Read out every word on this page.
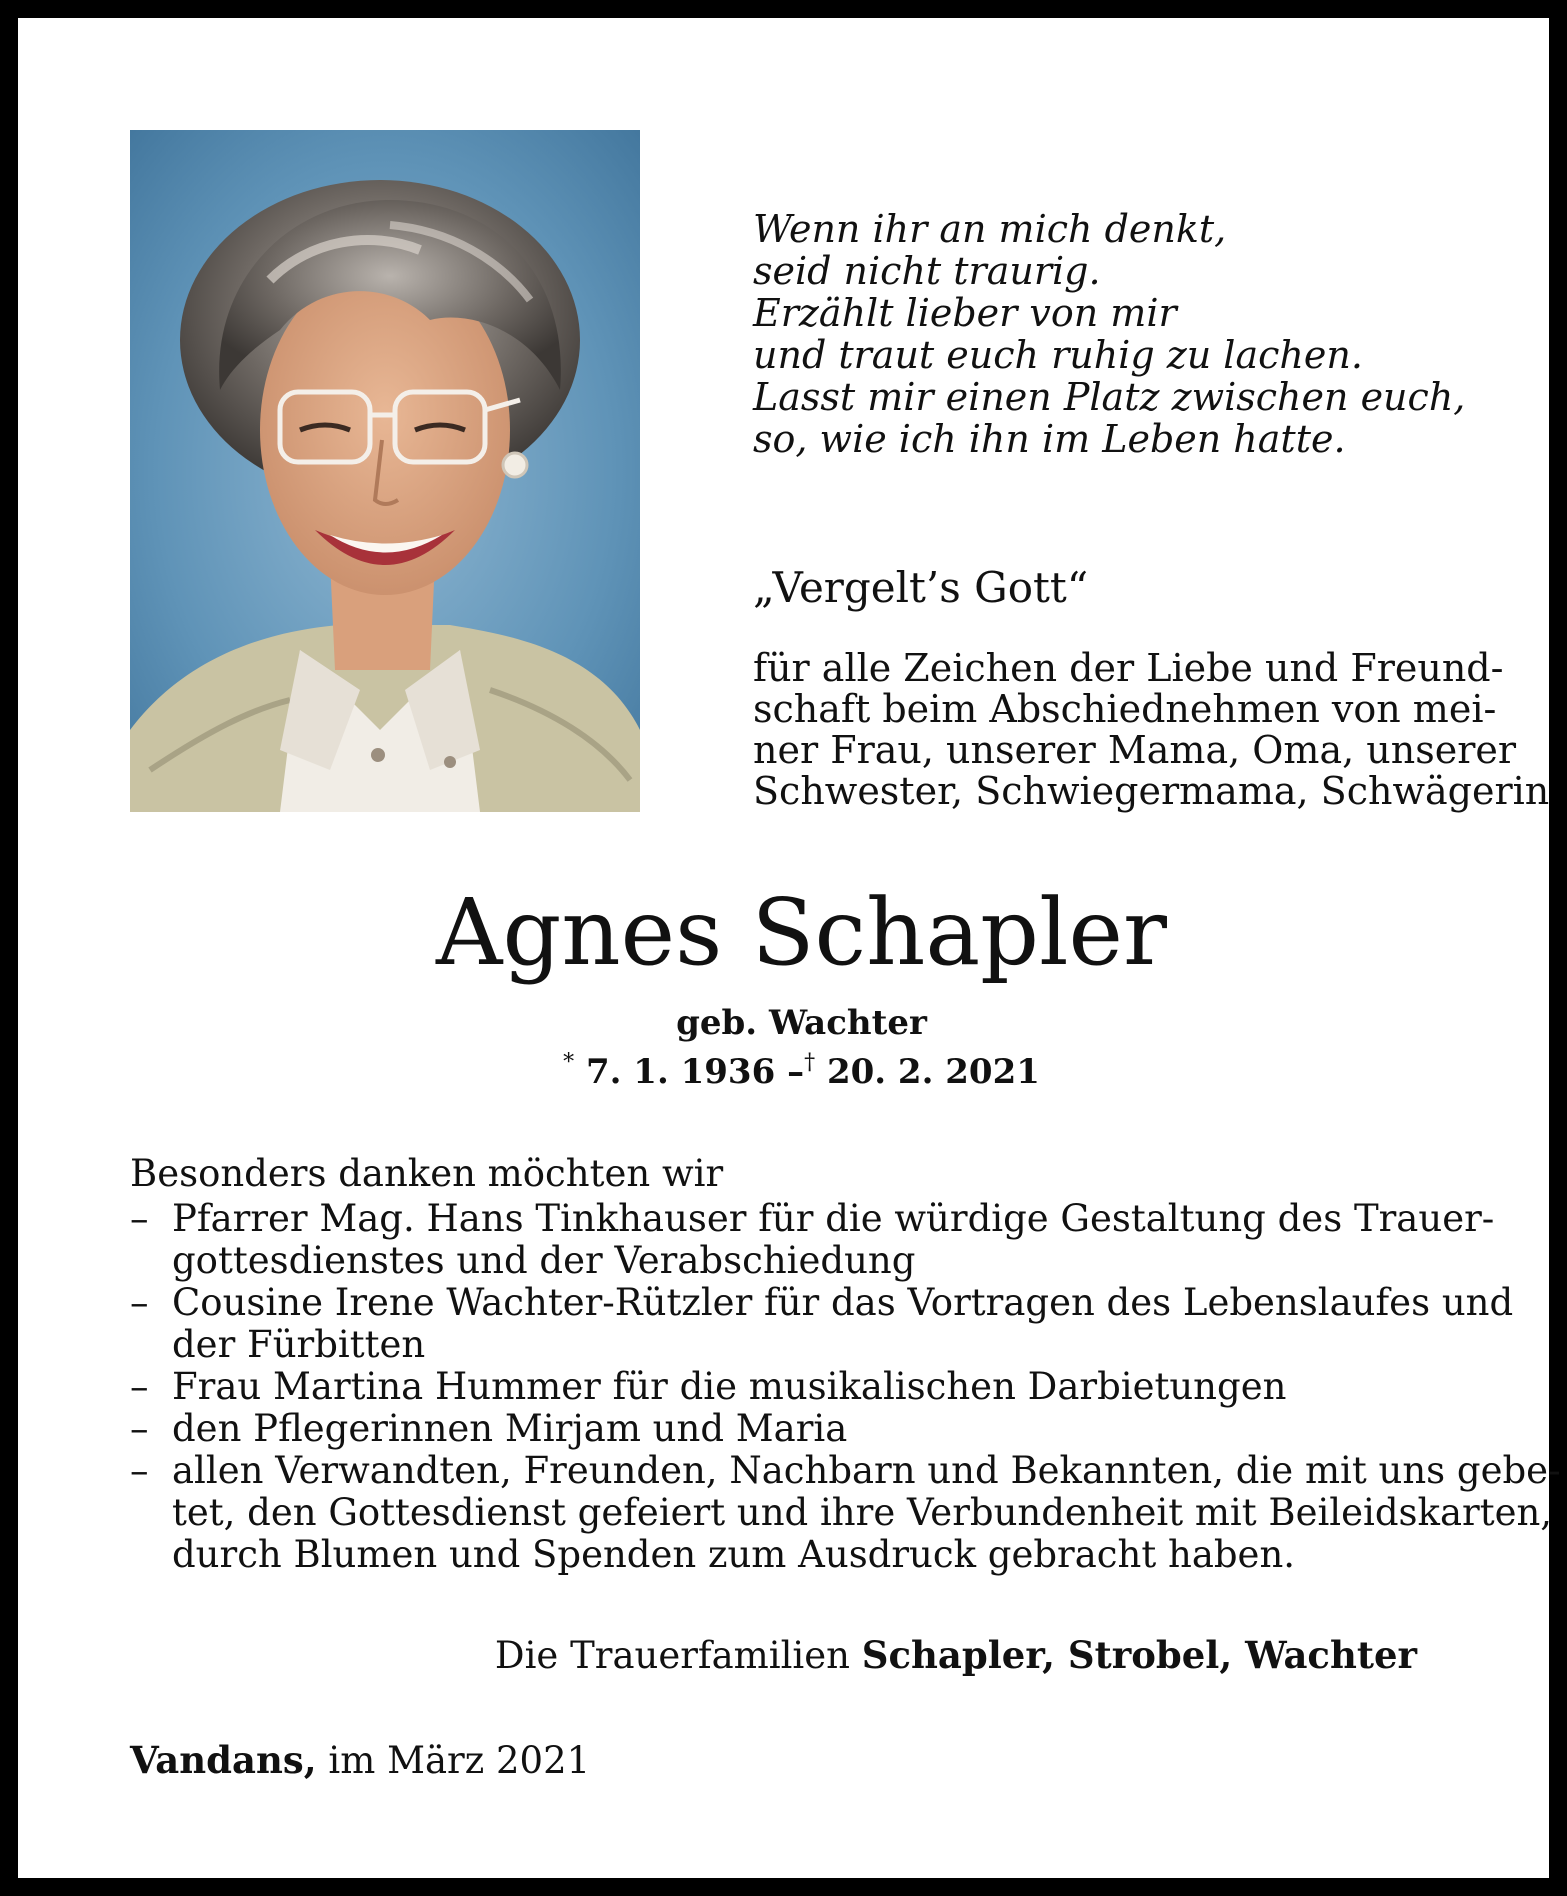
Wenn ihr an mich denkt,
seid nicht traurig.
Erzählt lieber von mir
und traut euch ruhig zu lachen.
Lasst mir einen Platz zwischen euch,
so, wie ich ihn im Leben hatte.
„Vergelt’s Gott“
für alle Zeichen der Liebe und Freund-
schaft beim Abschiednehmen von mei-
ner Frau, unserer Mama, Oma, unserer
Schwester, Schwiegermama, Schwägerin
Agnes Schapler
geb. Wachter
* 7. 1. 1936 –† 20. 2. 2021
Besonders danken möchten wir
– Pfarrer Mag. Hans Tinkhauser für die würdige Gestaltung des Trauer-
gottesdienstes und der Verabschiedung
– Cousine Irene Wachter-Rützler für das Vortragen des Lebenslaufes und
der Fürbitten
– Frau Martina Hummer für die musikalischen Darbietungen
– den Pflegerinnen Mirjam und Maria
– allen Verwandten, Freunden, Nachbarn und Bekannten, die mit uns gebe-
tet, den Gottesdienst gefeiert und ihre Verbundenheit mit Beileidskarten,
durch Blumen und Spenden zum Ausdruck gebracht haben.
Die Trauerfamilien Schapler, Strobel, Wachter
Vandans, im März 2021
